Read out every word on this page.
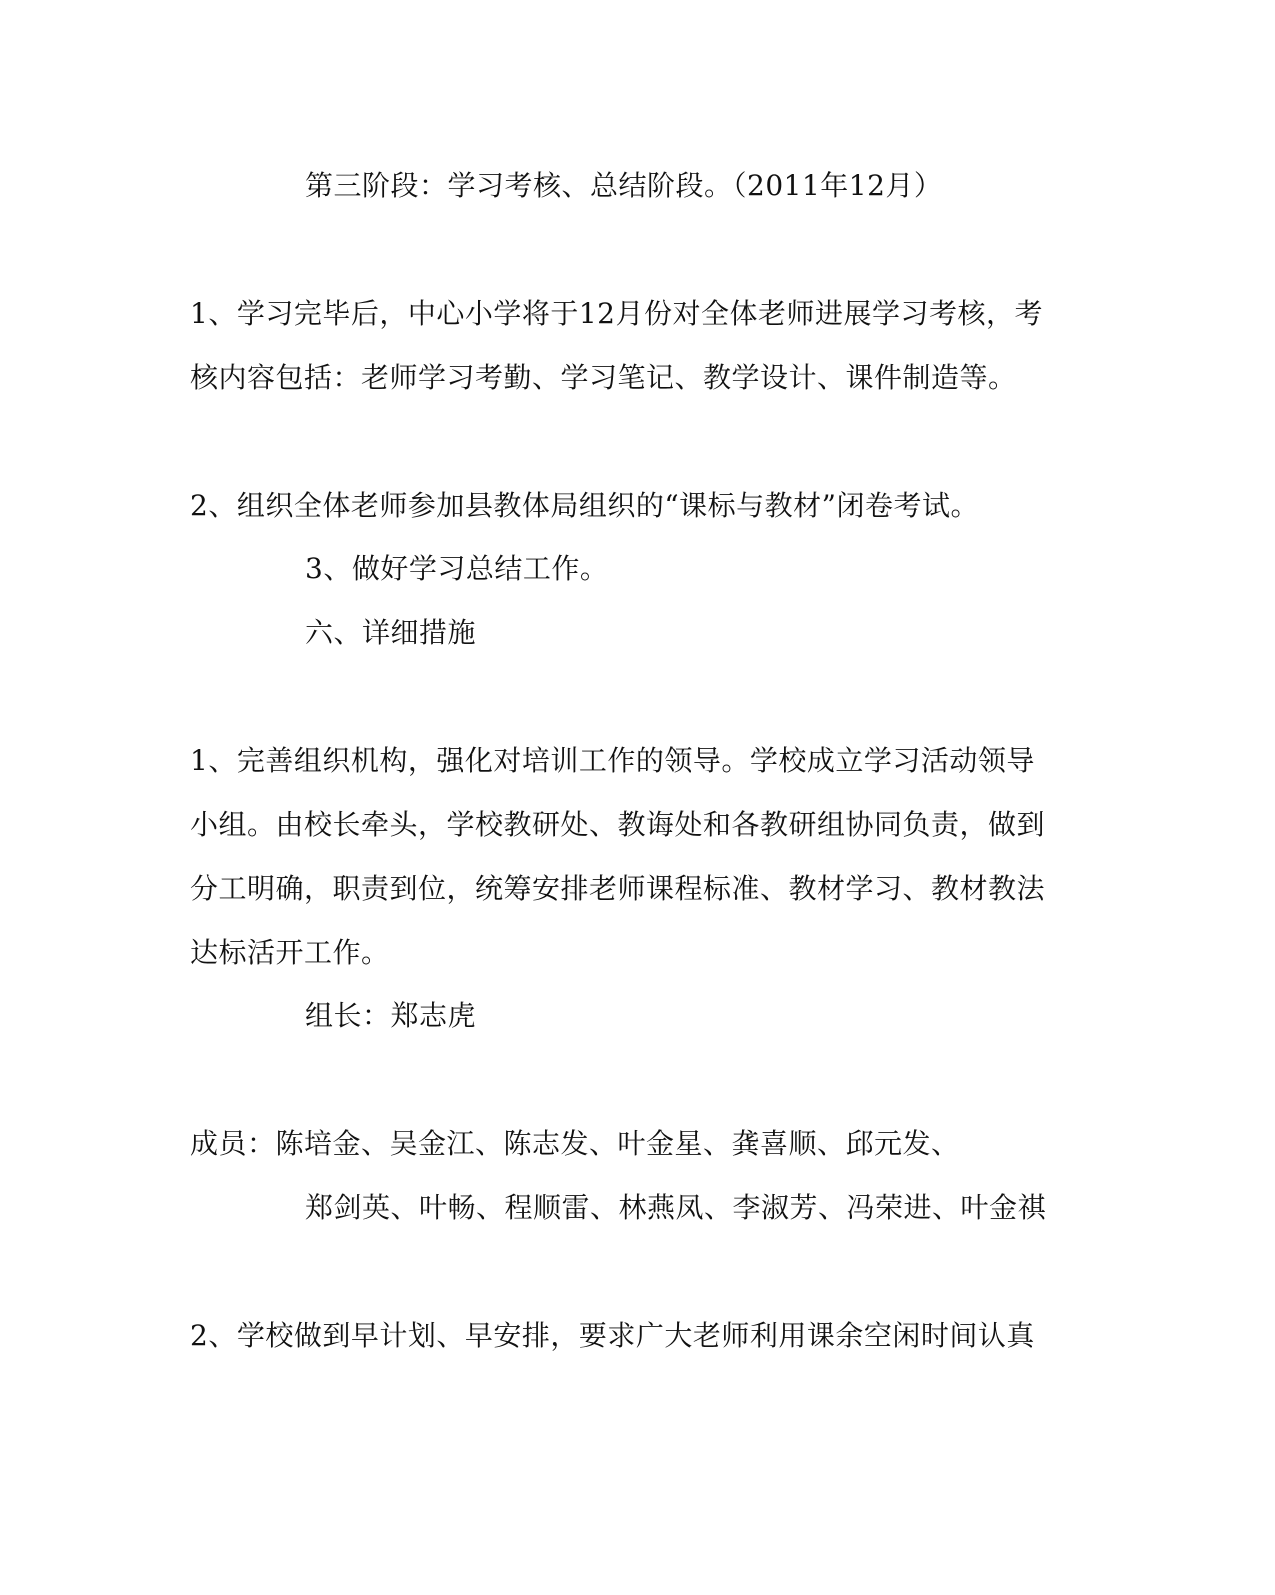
第三阶段：学习考核、总结阶段。（2011年12月）
1、学习完毕后，中心小学将于12月份对全体老师进展学习考核，考
核内容包括：老师学习考勤、学习笔记、教学设计、课件制造等。
2、组织全体老师参加县教体局组织的“课标与教材”闭卷考试。
3、做好学习总结工作。
六、详细措施
1、完善组织机构，强化对培训工作的领导。学校成立学习活动领导
小组。由校长牵头，学校教研处、教诲处和各教研组协同负责，做到
分工明确，职责到位，统筹安排老师课程标准、教材学习、教材教法
达标活开工作。
组长：郑志虎
成员：陈培金、吴金江、陈志发、叶金星、龚喜顺、邱元发、
郑剑英、叶畅、程顺雷、林燕凤、李淑芳、冯荣进、叶金祺
2、学校做到早计划、早安排，要求广大老师利用课余空闲时间认真
